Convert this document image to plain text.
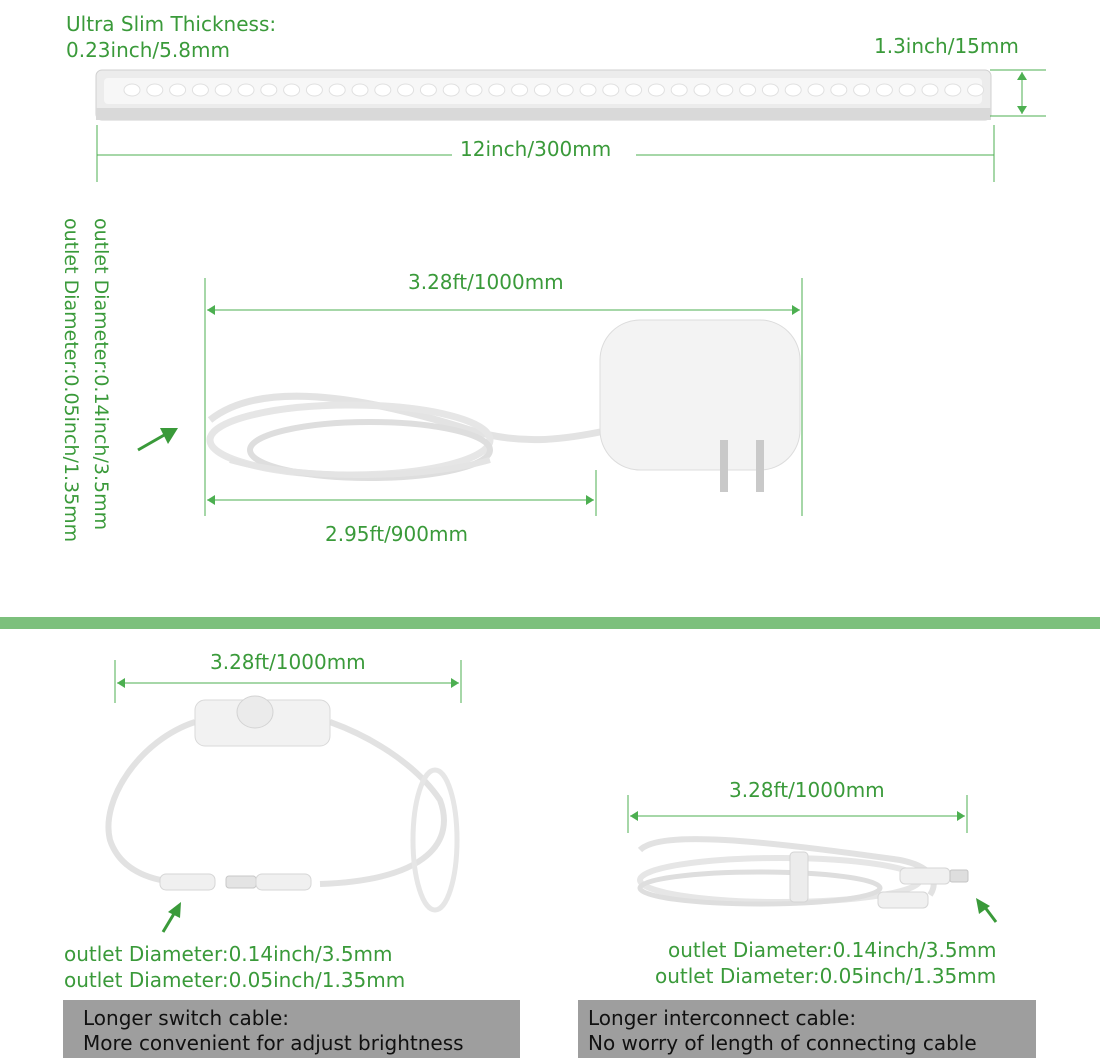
Ultra Slim Thickness:
0.23inch/5.8mm	1.3inch/15mm
12inch/300mm
3.28ft/1000mm
2.95ft/900mm
outlet Diameter:0.14inch/3.5mm
outlet Diameter:0.05inch/1.35mm
3.28ft/1000mm
outlet Diameter:0.14inch/3.5mm
outlet Diameter:0.05inch/1.35mm
Longer switch cable:
More convenient for adjust brightness
3.28ft/1000mm
outlet Diameter:0.14inch/3.5mm
outlet Diameter:0.05inch/1.35mm
Longer interconnect cable:
No worry of length of connecting cable
